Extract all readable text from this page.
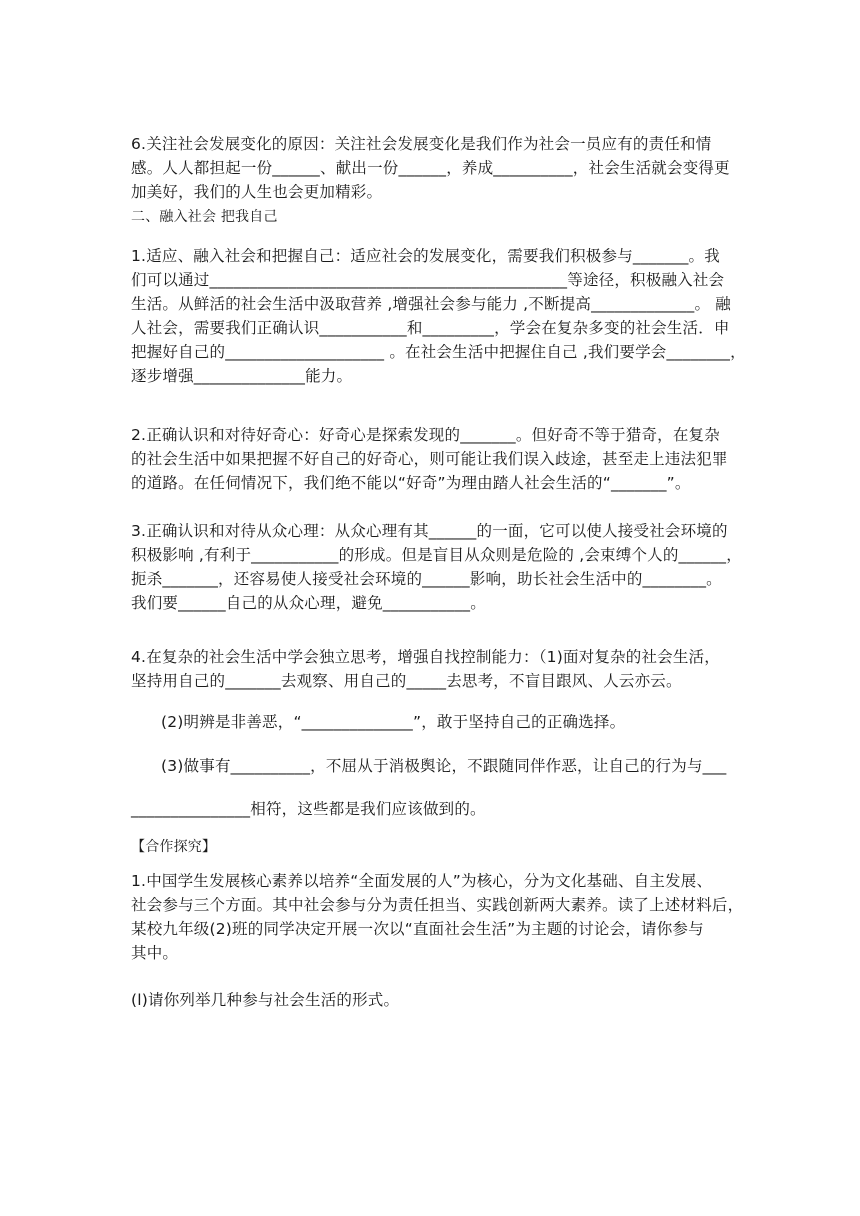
6.关注社会发展变化的原因：关注社会发展变化是我们作为社会一员应有的责任和情
感。人人都担起一份______、献出一份______，养成__________，社会生活就会变得更
加美好，我们的人生也会更加精彩。
二、融入社会 把我自己
1.适应、融入社会和把握自己：适应社会的发展变化，需要我们积极参与_______。我
们可以通过_____________________________________________等途径，积极融入社会
生活。从鲜活的社会生活中汲取营养 ,增强社会参与能力 ,不断提高_____________。 融
人社会，需要我们正确认识___________和_________，学会在复杂多变的社会生活．申
把握好自己的____________________ 。在社会生活中把握住自己 ,我们要学会________，
逐步增强______________能力。
2.正确认识和对待好奇心：好奇心是探索发现的_______。但好奇不等于猎奇，在复杂
的社会生活中如果把握不好自己的好奇心，则可能让我们误入歧途，甚至走上违法犯罪
的道路。在任伺情况下，我们绝不能以“好奇”为理由踏人社会生活的“_______”。
3.正确认识和对待从众心理：从众心理有其______的一面，它可以使人接受社会环境的
积极影响 ,有利于___________的形成。但是盲目从众则是危险的 ,会束缚个人的______，
扼杀_______，还容易使人接受社会环境的______影响，助长社会生活中的________。
我们要______自己的从众心理，避免___________。
4.在复杂的社会生活中学会独立思考，增强自找控制能力：（1)面对复杂的社会生活，
坚持用自己的_______去观察、用自己的_____去思考，不盲目跟风、人云亦云。
(2)明辨是非善恶，“______________”，敢于坚持自己的正确选择。
(3)做事有__________，不屈从于消极舆论，不跟随同伴作恶，让自己的行为与___
_______________相符，这些都是我们应该做到的。
【合作探究】
1.中国学生发展核心素养以培养“全面发展的人”为核心，分为文化基础、自主发展、
社会参与三个方面。其中社会参与分为责任担当、实践创新两大素养。读了上述材料后，
某校九年级(2)班的同学决定开展一次以“直面社会生活”为主题的讨论会，请你参与
其中。
(l)请你列举几种参与社会生活的形式。
